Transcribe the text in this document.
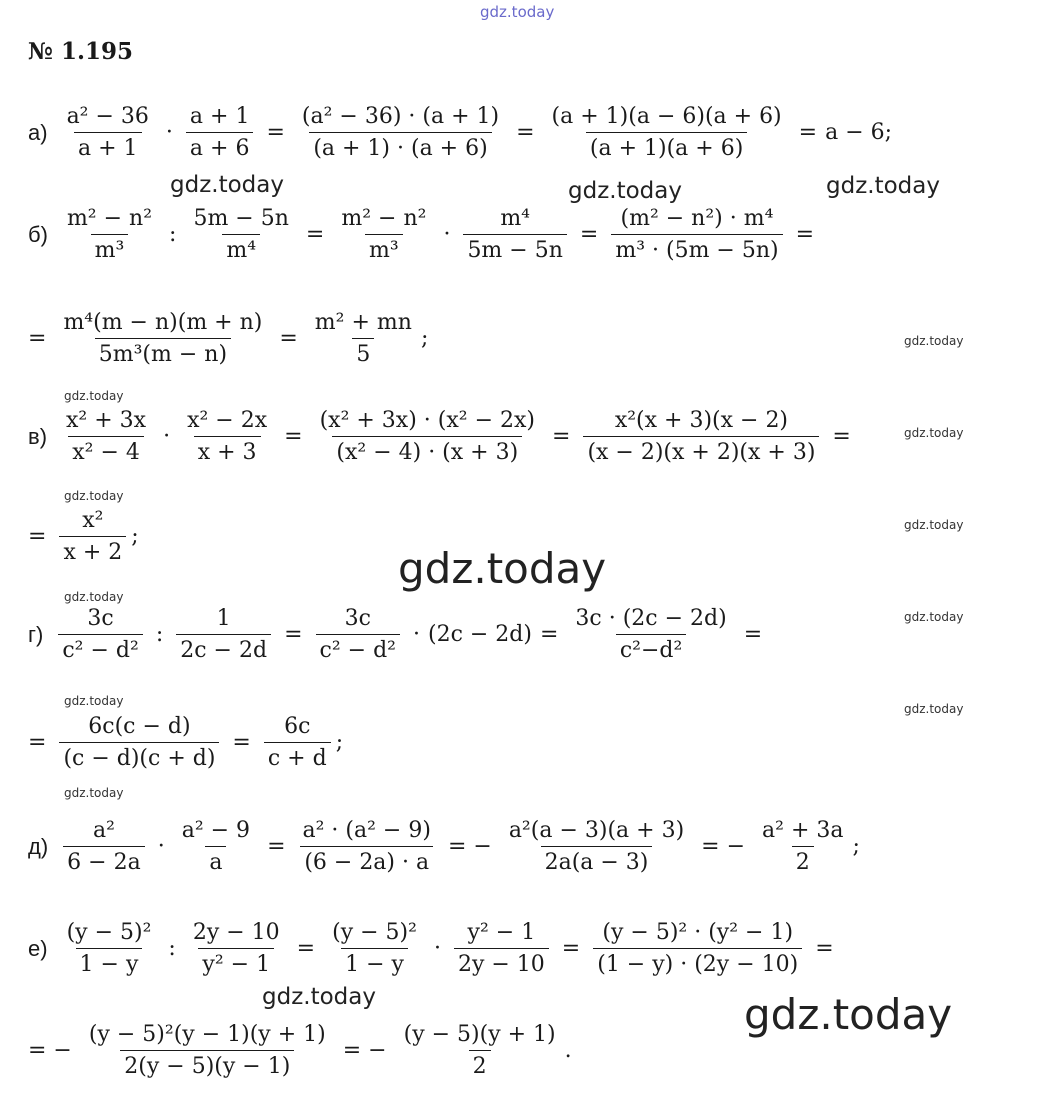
gdz.today
gdz.today	gdz.today	gdz.today
gdz.today
gdz.today
gdz.today
gdz.today
gdz.today
gdz.today
gdz.today
gdz.today
gdz.today
gdz.today
gdz.today
gdz.today	gdz.today
№ 1.195
$а) \frac{\text{a² − 36}}{a + 1} \cdot \frac{a + 1}{a + 6} = \frac{\text{(a² − 36) · (a + 1)}}{(a + 1) \cdot (a + 6)} = \frac{(a + 1)(a - 6)(a + 6)}{(a + 1)(a + 6)} = a - 6$;
$б) \frac{\text{m² − n²}}{\text{m³}}$ : $\frac{5m - 5n}{\text{m⁴}} = \frac{\text{m² − n²}}{\text{m³}} \cdot \frac{\text{m⁴}}{5m - 5n} = \frac{\text{(m² − n²) · m⁴}}{\text{m³ · (5m − 5n)}}$ =
= $\frac{\text{m⁴(m − n)(m + n)}}{\text{5m³(m − n)}} = \frac{\text{m² + mn}}{5}$ ;
$в) \frac{\text{x² + 3x}}{\text{x² − 4}} \cdot \frac{\text{x² − 2x}}{x + 3} = \frac{\text{(x² + 3x) · (x² − 2x)}}{\text{(x² − 4) · (x + 3)}} = \frac{\text{x²(x + 3)(x − 2)}}{(x - 2)(x + 2)(x + 3)}$ =
= $\frac{\text{x²}}{x + 2}$ ;
$г) \frac{3c}{\text{c² − d²}}$ : $\frac{1}{2c - 2d} = \frac{3c}{\text{c² − d²}} \cdot (2c - 2d) = \frac{3c \cdot (2c - 2d)}{\text{c²−d²}}$ =
= $\frac{6c(c - d)}{(c - d)(c + d)} = \frac{6c}{c + d}$ ;
$д) \frac{\text{a²}}{6 - 2a} \cdot \frac{\text{a² − 9}}{a} = \frac{\text{a² · (a² − 9)}}{(6 - 2a) \cdot a}$ = − $\frac{\text{a²(a − 3)(a + 3)}}{2a(a - 3)}$ = − $\frac{\text{a² + 3a}}{2}$ ;
$е) \frac{\text{(y − 5)²}}{1 - y}$ : $\frac{2y - 10}{\text{y² − 1}} = \frac{\text{(y − 5)²}}{1 - y} \cdot \frac{\text{y² − 1}}{2y - 10} = \frac{\text{(y − 5)² · (y² − 1)}}{(1 - y) \cdot (2y - 10)}$ =
= − $\frac{\text{(y − 5)²(y − 1)(y + 1)}}{2(y - 5)(y - 1)}$ = − $\frac{(y - 5)(y + 1)}{2}$ .
